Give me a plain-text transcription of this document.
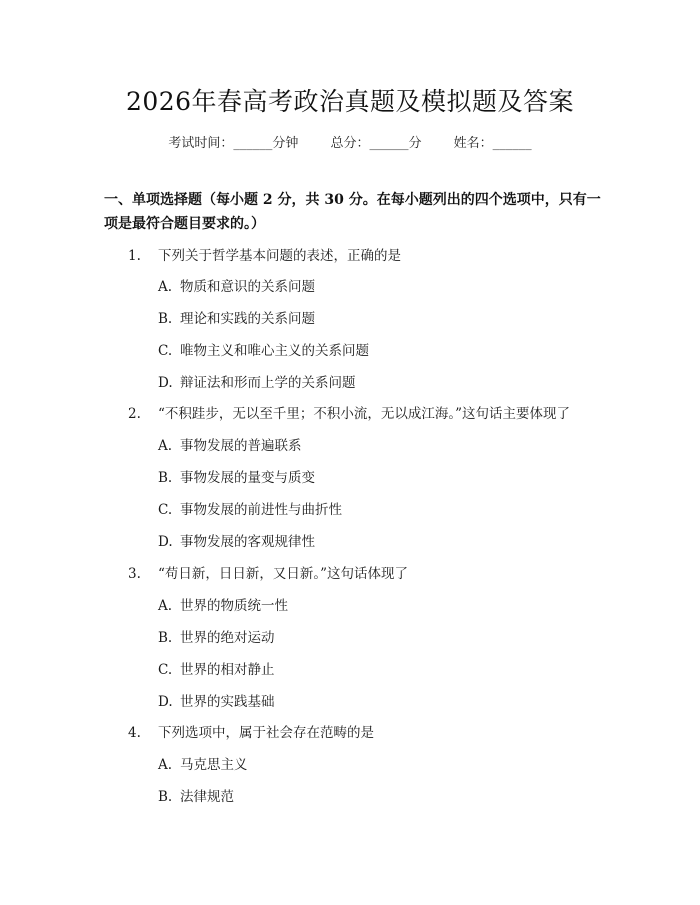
2026年春高考政治真题及模拟题及答案
考试时间：______分钟 总分：______分 姓名：______
一、单项选择题（每小题 2 分，共 30 分。在每小题列出的四个选项中，只有一项是最符合题目要求的。）
1. 下列关于哲学基本问题的表述，正确的是
A. 物质和意识的关系问题
B. 理论和实践的关系问题
C. 唯物主义和唯心主义的关系问题
D. 辩证法和形而上学的关系问题
2. “不积跬步，无以至千里；不积小流，无以成江海。”这句话主要体现了
A. 事物发展的普遍联系
B. 事物发展的量变与质变
C. 事物发展的前进性与曲折性
D. 事物发展的客观规律性
3. “苟日新，日日新，又日新。”这句话体现了
A. 世界的物质统一性
B. 世界的绝对运动
C. 世界的相对静止
D. 世界的实践基础
4. 下列选项中，属于社会存在范畴的是
A. 马克思主义
B. 法律规范
